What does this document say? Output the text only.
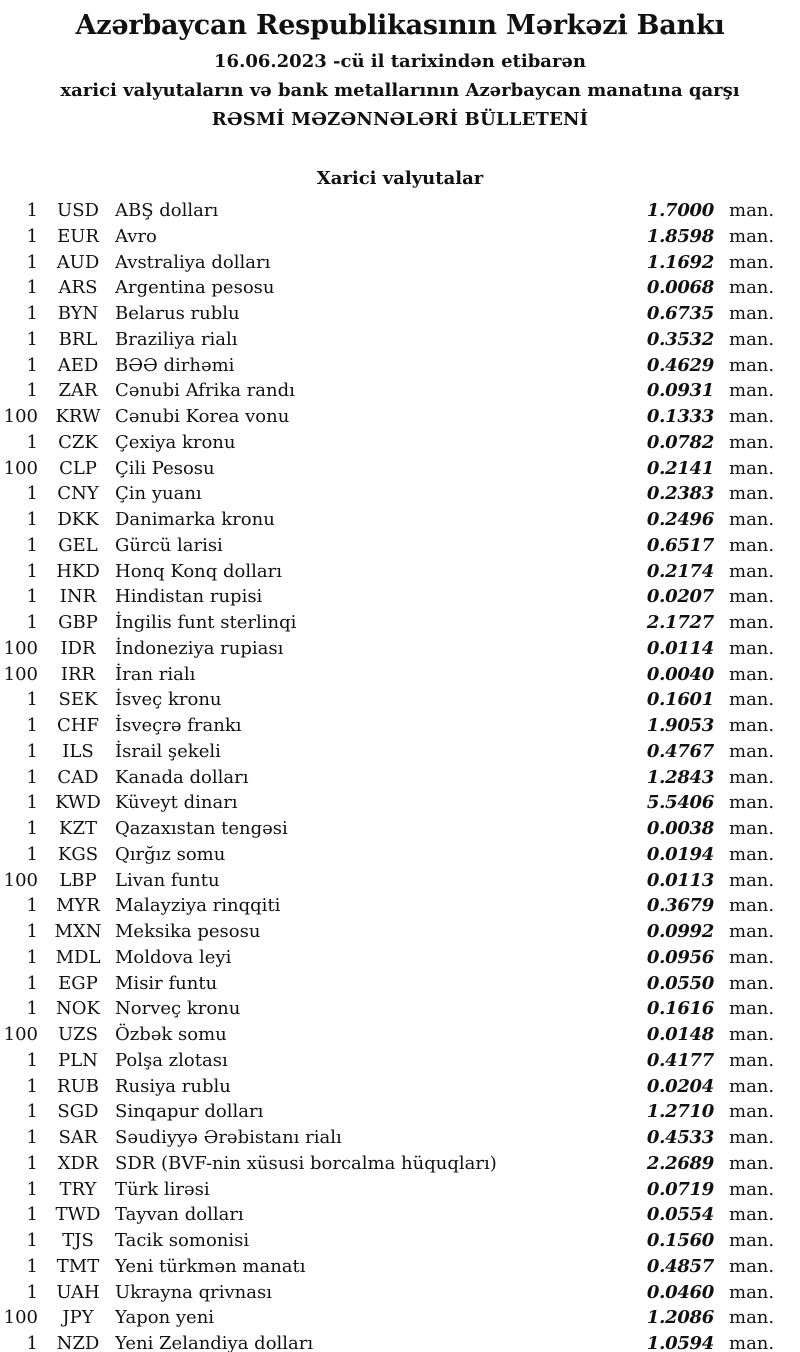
Azərbaycan Respublikasının Mərkəzi Bankı
16.06.2023 -cü il tarixindən etibarən
xarici valyutaların və bank metallarının Azərbaycan manatına qarşı
RƏSMİ MƏZƏNNƏLƏRİ BÜLLETENİ
Xarici valyutalar
1	USD ABŞ dolları	1.7000 man.
1	EUR Avro	1.8598 man.
1	AUD Avstraliya dolları	1.1692 man.
1	ARS Argentina pesosu	0.0068 man.
1	BYN Belarus rublu	0.6735 man.
1	BRL Braziliya rialı	0.3532 man.
1	AED BƏƏ dirhəmi	0.4629 man.
1	ZAR Cənubi Afrika randı	0.0931 man.
100 KRW Cənubi Korea vonu	0.1333 man.
1	CZK Çexiya kronu	0.0782 man.
100	CLP	Çili Pesosu	0.2141 man.
1	CNY Çin yuanı	0.2383 man.
1	DKK Danimarka kronu	0.2496 man.
1	GEL Gürcü larisi	0.6517 man.
1	HKD Honq Konq dolları	0.2174 man.
1	INR	Hindistan rupisi	0.0207 man.
1	GBP İngilis funt sterlinqi	2.1727 man.
100	IDR	İndoneziya rupiası	0.0114 man.
100	IRR	İran rialı	0.0040 man.
1	SEK İsveç kronu	0.1601 man.
1	CHF İsveçrə frankı	1.9053 man.
1	ILS	İsrail şekeli	0.4767 man.
1	CAD Kanada dolları	1.2843 man.
1 KWD Küveyt dinarı	5.5406 man.
1	KZT	Qazaxıstan tengəsi	0.0038 man.
1	KGS Qırğız somu	0.0194 man.
100	LBP	Livan funtu	0.0113 man.
1	MYR Malayziya rinqqiti	0.3679 man.
1 MXN Meksika pesosu	0.0992 man.
1 MDL Moldova leyi	0.0956 man.
1	EGP Misir funtu	0.0550 man.
1	NOK Norveç kronu	0.1616 man.
100	UZS Özbək somu	0.0148 man.
1	PLN Polşa zlotası	0.4177 man.
1	RUB Rusiya rublu	0.0204 man.
1	SGD Sinqapur dolları	1.2710 man.
1	SAR Səudiyyə Ərəbistanı rialı	0.4533 man.
1	XDR SDR (BVF-nin xüsusi borcalma hüquqları)	2.2689 man.
1	TRY	Türk lirəsi	0.0719 man.
1 TWD Tayvan dolları	0.0554 man.
1	TJS	Tacik somonisi	0.1560 man.
1	TMT Yeni türkmən manatı	0.4857 man.
1	UAH Ukrayna qrivnası	0.0460 man.
100	JPY	Yapon yeni	1.2086 man.
1	NZD Yeni Zelandiya dolları	1.0594 man.
